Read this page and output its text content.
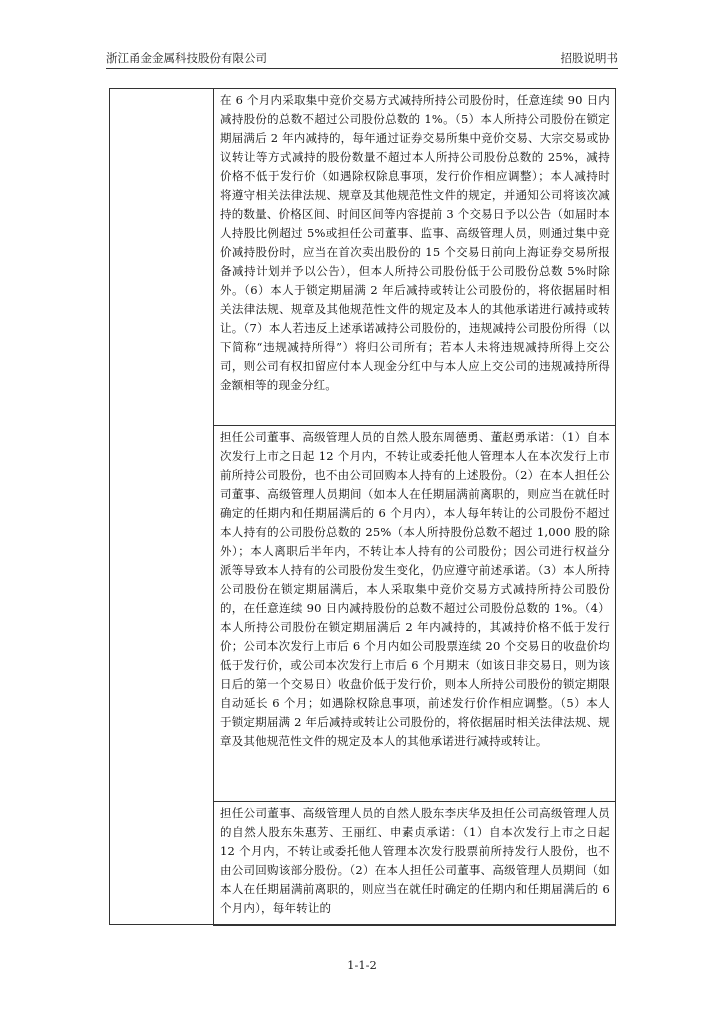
浙江甬金金属科技股份有限公司	招股说明书

在 6 个月内采取集中竞价交易方式减持所持公司股份时，任意连续 90 日内减持股份的总数不超过公司股份总数的 1%。（5）本人所持公司股份在锁定期届满后 2 年内减持的，每年通过证券交易所集中竞价交易、大宗交易或协议转让等方式减持的股份数量不超过本人所持公司股份总数的 25%，减持价格不低于发行价（如遇除权除息事项，发行价作相应调整）；本人减持时将遵守相关法律法规、规章及其他规范性文件的规定，并通知公司将该次减持的数量、价格区间、时间区间等内容提前 3 个交易日予以公告（如届时本人持股比例超过 5%或担任公司董事、监事、高级管理人员，则通过集中竞价减持股份时，应当在首次卖出股份的 15 个交易日前向上海证券交易所报备减持计划并予以公告），但本人所持公司股份低于公司股份总数 5%时除外。（6）本人于锁定期届满 2 年后减持或转让公司股份的，将依据届时相关法律法规、规章及其他规范性文件的规定及本人的其他承诺进行减持或转让。（7）本人若违反上述承诺减持公司股份的，违规减持公司股份所得（以下简称“违规减持所得”）将归公司所有；若本人未将违规减持所得上交公司，则公司有权扣留应付本人现金分红中与本人应上交公司的违规减持所得金额相等的现金分红。

担任公司董事、高级管理人员的自然人股东周德勇、董赵勇承诺：（1）自本次发行上市之日起 12 个月内，不转让或委托他人管理本人在本次发行上市前所持公司股份，也不由公司回购本人持有的上述股份。（2）在本人担任公司董事、高级管理人员期间（如本人在任期届满前离职的，则应当在就任时确定的任期内和任期届满后的 6 个月内），本人每年转让的公司股份不超过本人持有的公司股份总数的 25%（本人所持股份总数不超过 1,000 股的除外）；本人离职后半年内，不转让本人持有的公司股份；因公司进行权益分派等导致本人持有的公司股份发生变化，仍应遵守前述承诺。（3）本人所持公司股份在锁定期届满后，本人采取集中竞价交易方式减持所持公司股份的，在任意连续 90 日内减持股份的总数不超过公司股份总数的 1%。（4）本人所持公司股份在锁定期届满后 2 年内减持的，其减持价格不低于发行价；公司本次发行上市后 6 个月内如公司股票连续 20 个交易日的收盘价均低于发行价，或公司本次发行上市后 6 个月期末（如该日非交易日，则为该日后的第一个交易日）收盘价低于发行价，则本人所持公司股份的锁定期限自动延长 6 个月；如遇除权除息事项，前述发行价作相应调整。（5）本人于锁定期届满 2 年后减持或转让公司股份的，将依据届时相关法律法规、规章及其他规范性文件的规定及本人的其他承诺进行减持或转让。

担任公司董事、高级管理人员的自然人股东李庆华及担任公司高级管理人员的自然人股东朱惠芳、王丽红、申素贞承诺：（1）自本次发行上市之日起 12 个月内，不转让或委托他人管理本次发行股票前所持发行人股份，也不由公司回购该部分股份。（2）在本人担任公司董事、高级管理人员期间（如本人在任期届满前离职的，则应当在就任时确定的任期内和任期届满后的 6 个月内），每年转让的

1-1-2
